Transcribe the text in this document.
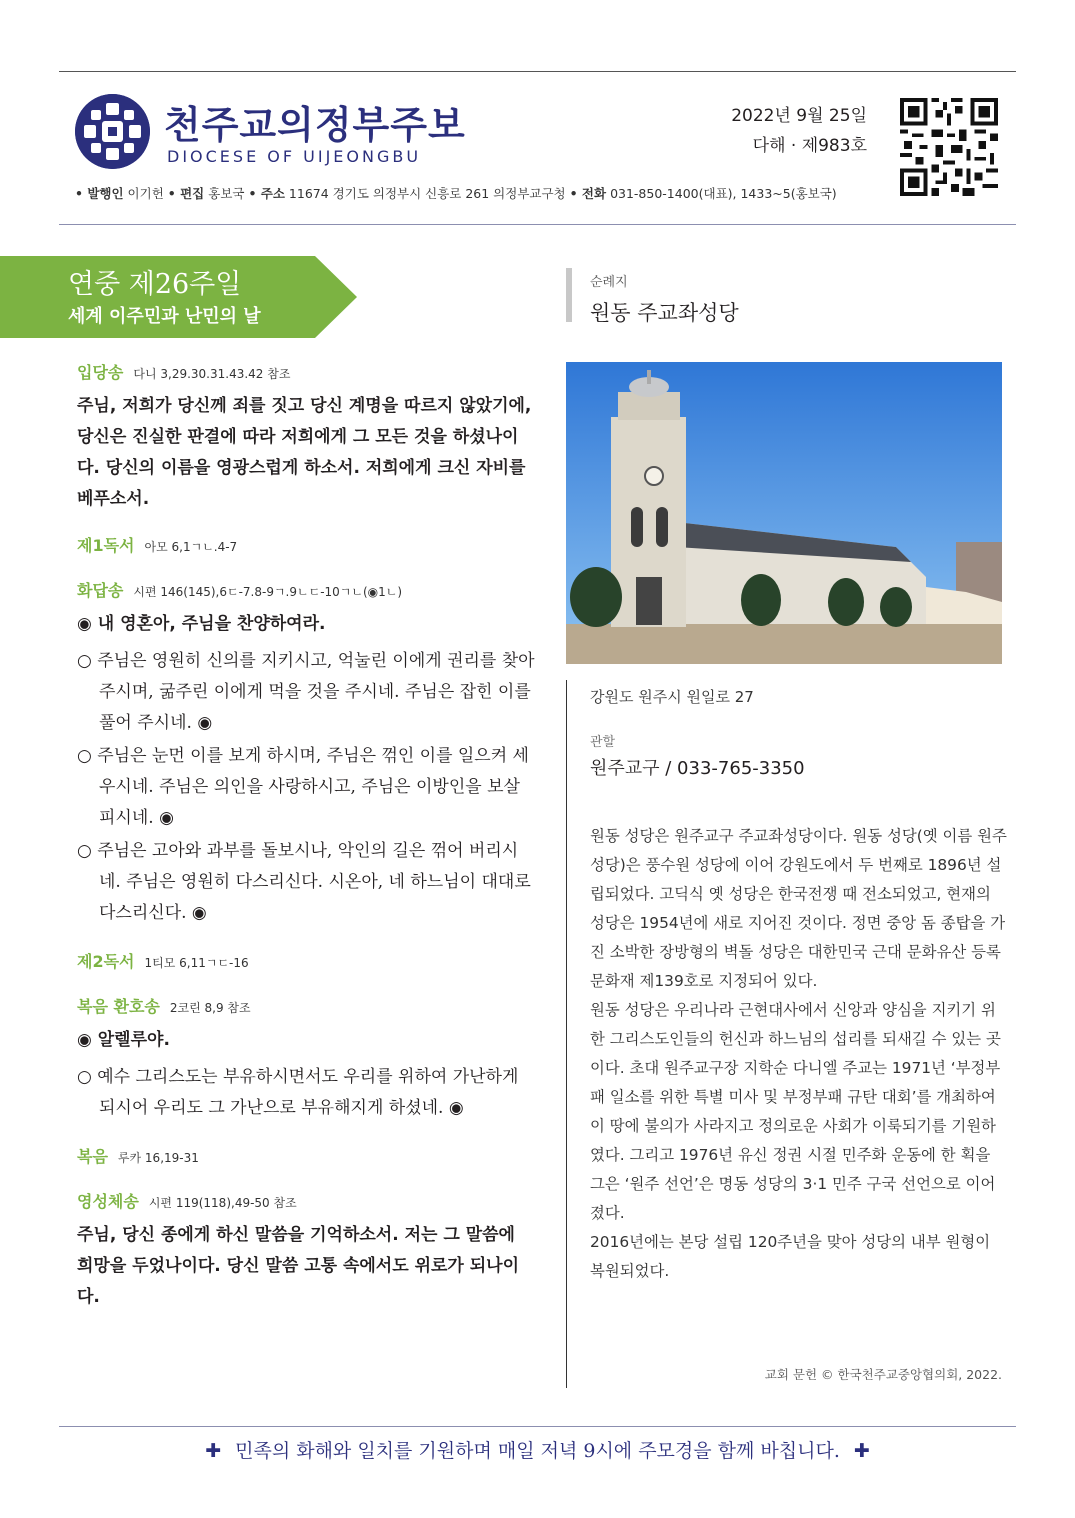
천주교의정부주보
DIOCESE OF UIJEONGBU
2022년 9월 25일
다해 · 제983호
• 발행인 이기헌 • 편집 홍보국 • 주소 11674 경기도 의정부시 신흥로 261 의정부교구청 • 전화 031-850-1400(대표), 1433~5(홍보국)
연중 제26주일
세계 이주민과 난민의 날
입당송 다니 3,29.30.31.43.42 참조
주님, 저희가 당신께 죄를 짓고 당신 계명을 따르지 않았기에, 당신은 진실한 판결에 따라 저희에게 그 모든 것을 하셨나이다. 당신의 이름을 영광스럽게 하소서. 저희에게 크신 자비를 베푸소서.
제1독서 아모 6,1ㄱㄴ.4-7
화답송 시편 146(145),6ㄷ-7.8-9ㄱ.9ㄴㄷ-10ㄱㄴ(◉1ㄴ)
◉ 내 영혼아, 주님을 찬양하여라.
○ 주님은 영원히 신의를 지키시고, 억눌린 이에게 권리를 찾아 주시며, 굶주린 이에게 먹을 것을 주시네. 주님은 잡힌 이를 풀어 주시네. ◉
○ 주님은 눈먼 이를 보게 하시며, 주님은 꺾인 이를 일으켜 세우시네. 주님은 의인을 사랑하시고, 주님은 이방인을 보살피시네. ◉
○ 주님은 고아와 과부를 돌보시나, 악인의 길은 꺾어 버리시네. 주님은 영원히 다스리신다. 시온아, 네 하느님이 대대로 다스리신다. ◉
제2독서 1티모 6,11ㄱㄷ-16
복음 환호송 2코린 8,9 참조
◉ 알렐루야.
○ 예수 그리스도는 부유하시면서도 우리를 위하여 가난하게 되시어 우리도 그 가난으로 부유해지게 하셨네. ◉
복음 루카 16,19-31
영성체송 시편 119(118),49-50 참조
주님, 당신 종에게 하신 말씀을 기억하소서. 저는 그 말씀에 희망을 두었나이다. 당신 말씀 고통 속에서도 위로가 되나이다.
순례지
원동 주교좌성당
강원도 원주시 원일로 27
관할
원주교구 / 033-765-3350

원동 성당은 원주교구 주교좌성당이다. 원동 성당(옛 이름 원주 성당)은 풍수원 성당에 이어 강원도에서 두 번째로 1896년 설립되었다. 고딕식 옛 성당은 한국전쟁 때 전소되었고, 현재의 성당은 1954년에 새로 지어진 것이다. 정면 중앙 돔 종탑을 가진 소박한 장방형의 벽돌 성당은 대한민국 근대 문화유산 등록 문화재 제139호로 지정되어 있다.

원동 성당은 우리나라 근현대사에서 신앙과 양심을 지키기 위한 그리스도인들의 헌신과 하느님의 섭리를 되새길 수 있는 곳이다. 초대 원주교구장 지학순 다니엘 주교는 1971년 ‘부정부패 일소를 위한 특별 미사 및 부정부패 규탄 대회’를 개최하여 이 땅에 불의가 사라지고 정의로운 사회가 이룩되기를 기원하였다. 그리고 1976년 유신 정권 시절 민주화 운동에 한 획을 그은 ‘원주 선언’은 명동 성당의 3·1 민주 구국 선언으로 이어졌다.

2016년에는 본당 설립 120주년을 맞아 성당의 내부 원형이 복원되었다.

교회 문헌 © 한국천주교중앙협의회, 2022.
✚ 민족의 화해와 일치를 기원하며 매일 저녁 9시에 주모경을 함께 바칩니다. ✚
